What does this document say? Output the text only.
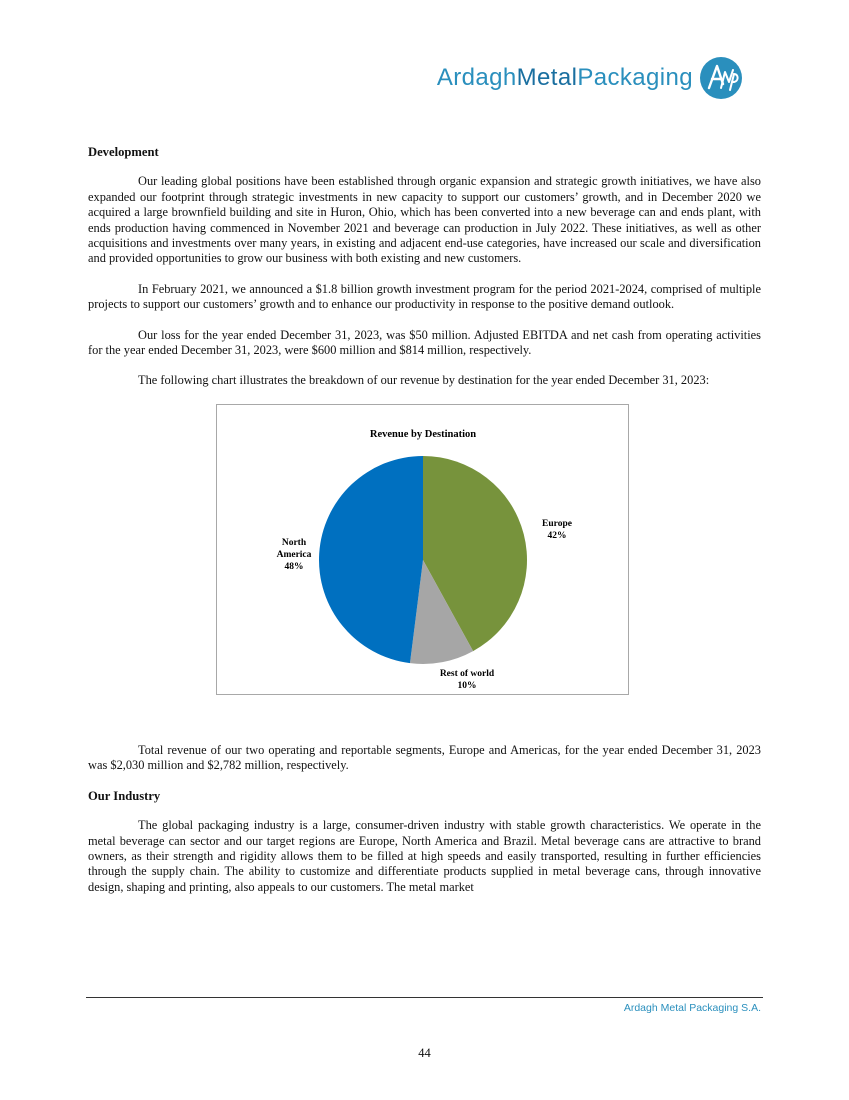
ArdaghMetalPackaging
Development

Our leading global positions have been established through organic expansion and strategic growth initiatives, we have also expanded our footprint through strategic investments in new capacity to support our customers’ growth, and in December 2020 we acquired a large brownfield building and site in Huron, Ohio, which has been converted into a new beverage can and ends plant, with ends production having commenced in November 2021 and beverage can production in July 2022. These initiatives, as well as other acquisitions and investments over many years, in existing and adjacent end-use categories, have increased our scale and diversification and provided opportunities to grow our business with both existing and new customers.

In February 2021, we announced a $1.8 billion growth investment program for the period 2021-2024, comprised of multiple projects to support our customers’ growth and to enhance our productivity in response to the positive demand outlook.

Our loss for the year ended December 31, 2023, was $50 million. Adjusted EBITDA and net cash from operating activities for the year ended December 31, 2023, were $600 million and $814 million, respectively.

The following chart illustrates the breakdown of our revenue by destination for the year ended December 31, 2023:

Revenue by Destination
Europe
42%
Rest of world
10%
North
America
48%

Total revenue of our two operating and reportable segments, Europe and Americas, for the year ended December 31, 2023 was $2,030 million and $2,782 million, respectively.

Our Industry

The global packaging industry is a large, consumer-driven industry with stable growth characteristics. We operate in the metal beverage can sector and our target regions are Europe, North America and Brazil. Metal beverage cans are attractive to brand owners, as their strength and rigidity allows them to be filled at high speeds and easily transported, resulting in further efficiencies through the supply chain. The ability to customize and differentiate products supplied in metal beverage cans, through innovative design, shaping and printing, also appeals to our customers. The metal market

Ardagh Metal Packaging S.A.
44
